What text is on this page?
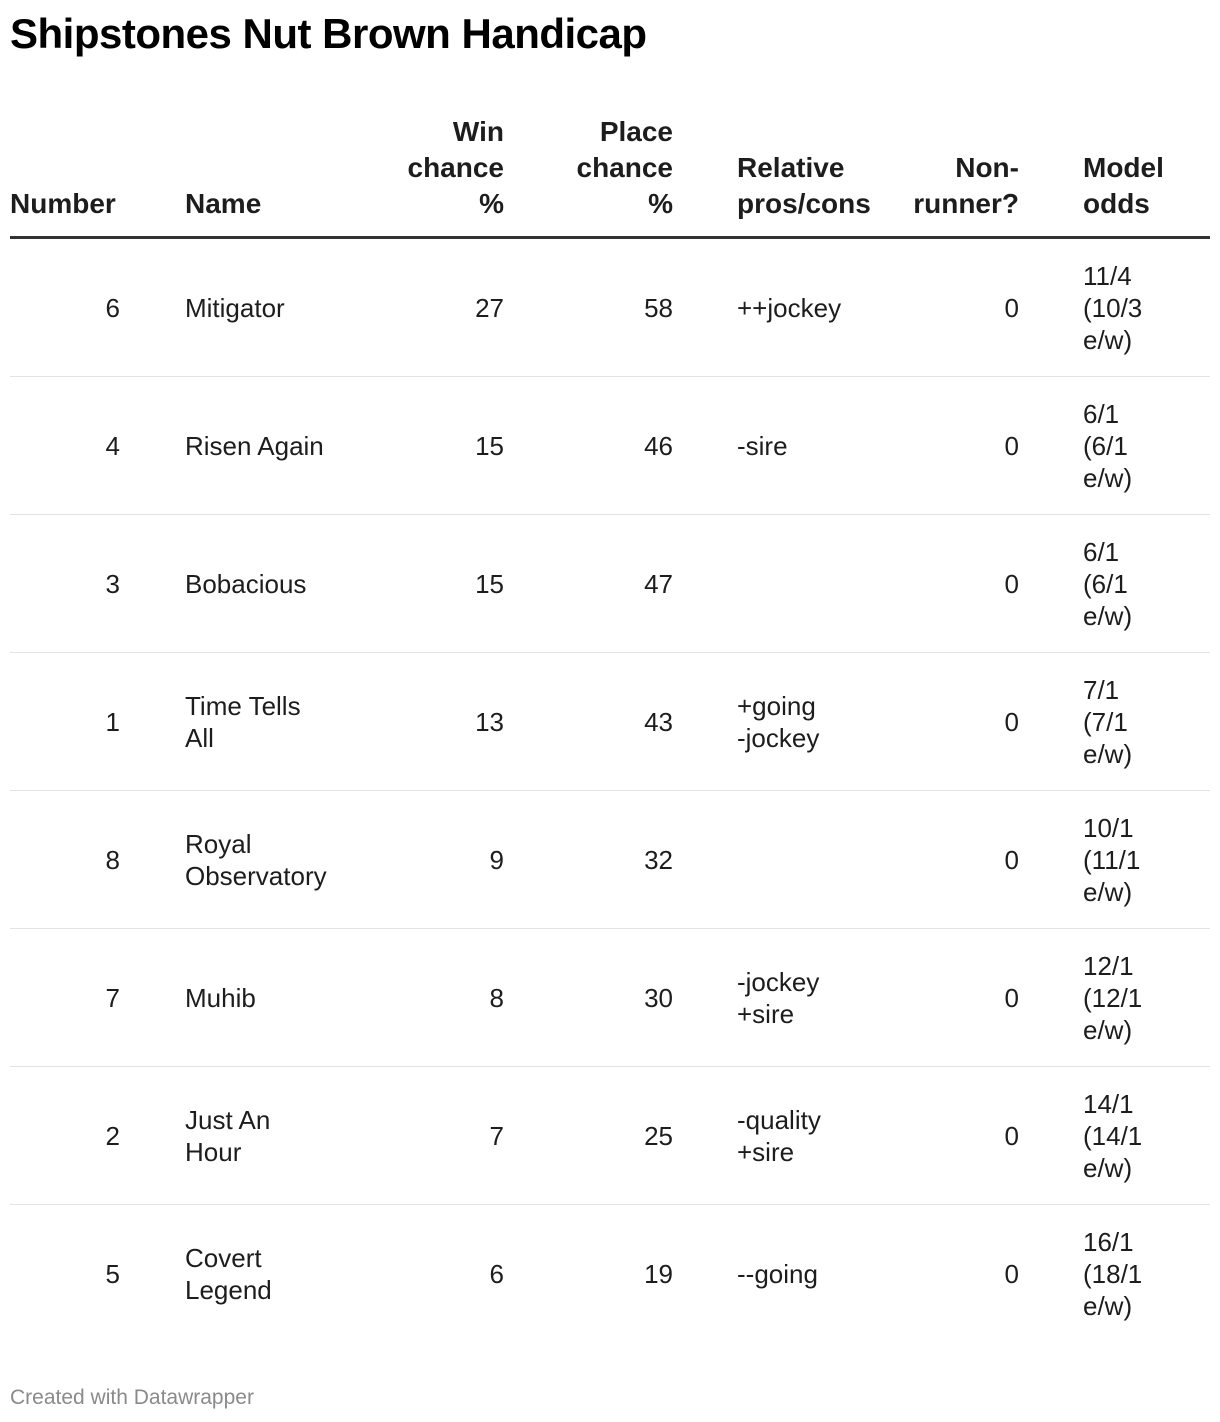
Shipstones Nut Brown Handicap
Number		Name	Win
chance
%	Place
chance
%		Relative
pros/cons	Non-
runner?		Model
odds
6		Mitigator	27	58		++jockey	0		11/4
(10/3
e/w)
4		Risen Again	15	46		-sire	0		6/1
(6/1
e/w)
3		Bobacious	15	47			0		6/1
(6/1
e/w)
1		Time Tells
All	13	43		+going
-jockey	0		7/1
(7/1
e/w)
8		Royal
Observatory	9	32			0		10/1
(11/1
e/w)
7		Muhib	8	30		-jockey
+sire	0		12/1
(12/1
e/w)
2		Just An
Hour	7	25		-quality
+sire	0		14/1
(14/1
e/w)
5		Covert
Legend	6	19		--going	0		16/1
(18/1
e/w)
Created with Datawrapper
